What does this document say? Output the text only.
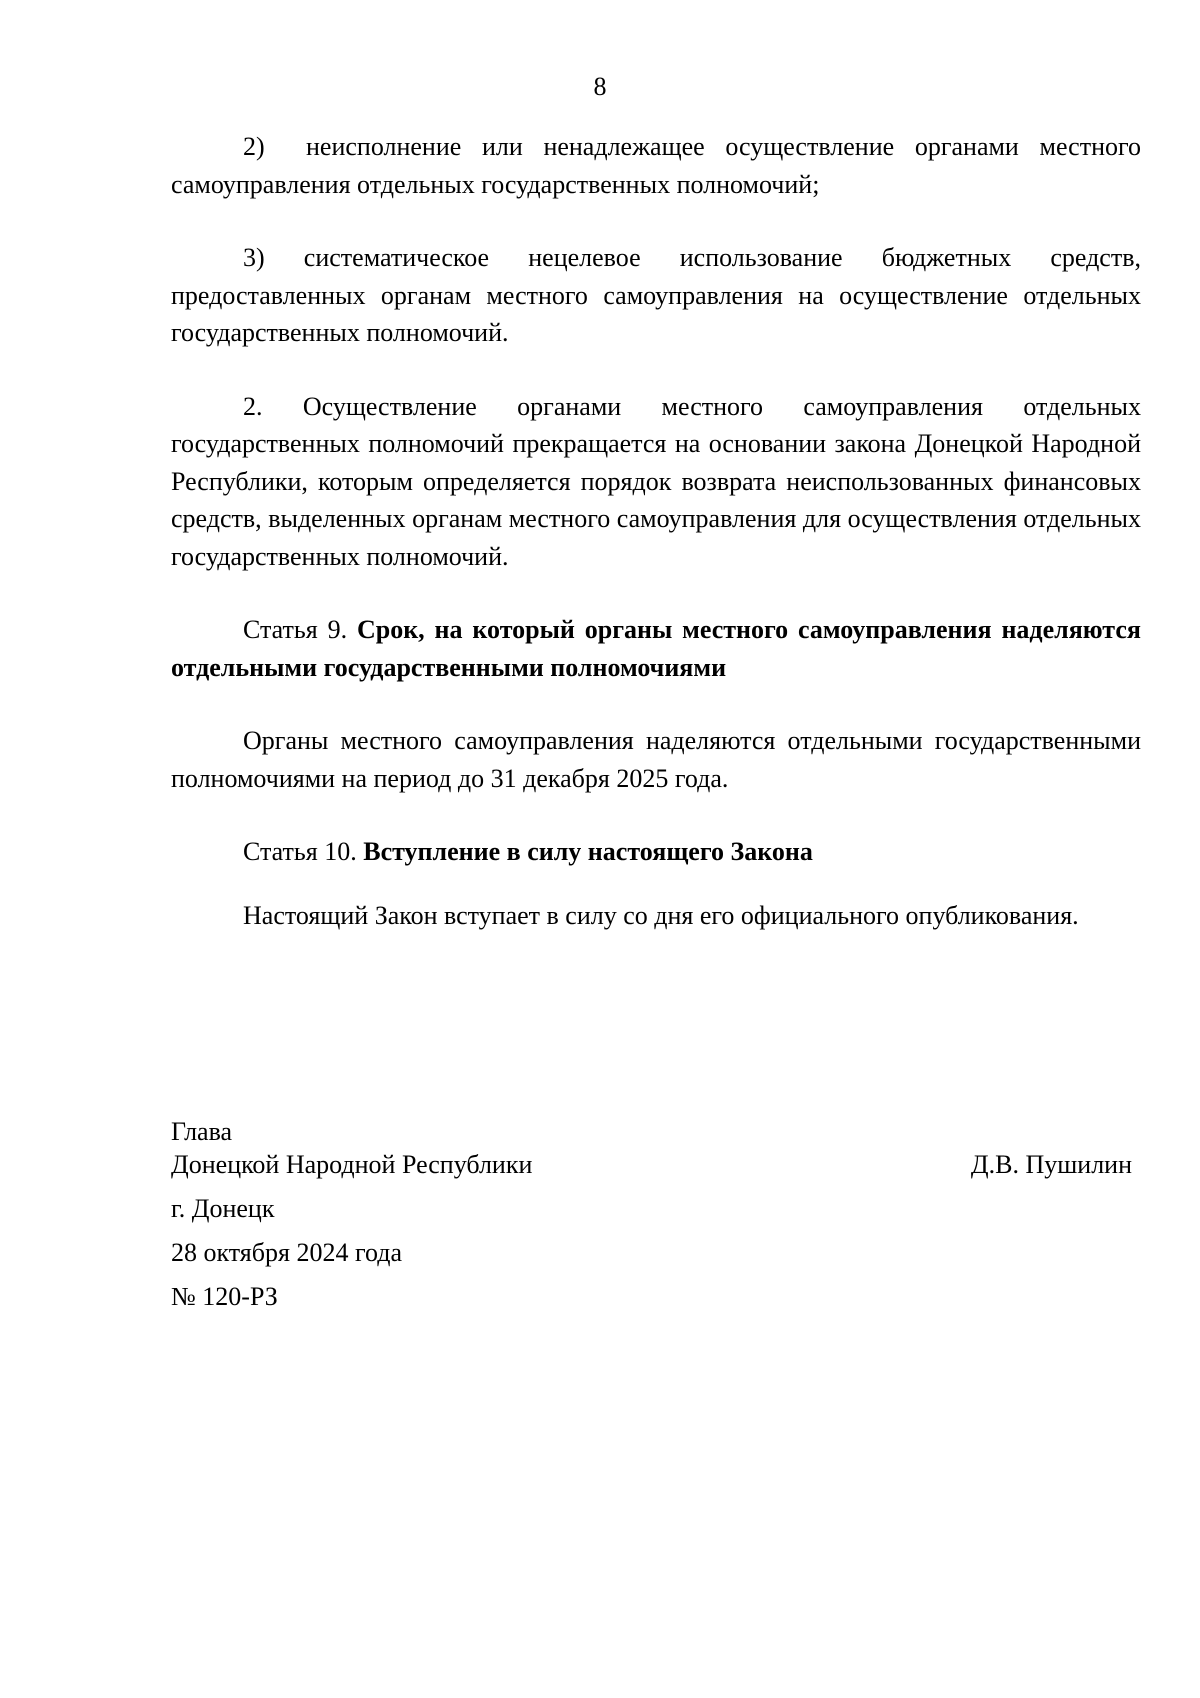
8

2)  неисполнение или ненадлежащее осуществление органами местного самоуправления отдельных государственных полномочий;

3) систематическое нецелевое использование бюджетных средств, предоставленных органам местного самоуправления на осуществление отдельных государственных полномочий.

2. Осуществление органами местного самоуправления отдельных государственных полномочий прекращается на основании закона Донецкой Народной Республики, которым определяется порядок возврата неиспользованных финансовых средств, выделенных органам местного самоуправления для осуществления отдельных государственных полномочий.

Статья 9. Срок, на который органы местного самоуправления наделяются отдельными государственными полномочиями

Органы местного самоуправления наделяются отдельными государственными полномочиями на период до 31 декабря 2025 года.

Статья 10. Вступление в силу настоящего Закона

Настоящий Закон вступает в силу со дня его официального опубликования.

Глава

Донецкой Народной Республики	Д.В. Пушилин

г. Донецк

28 октября 2024 года

№ 120-РЗ
